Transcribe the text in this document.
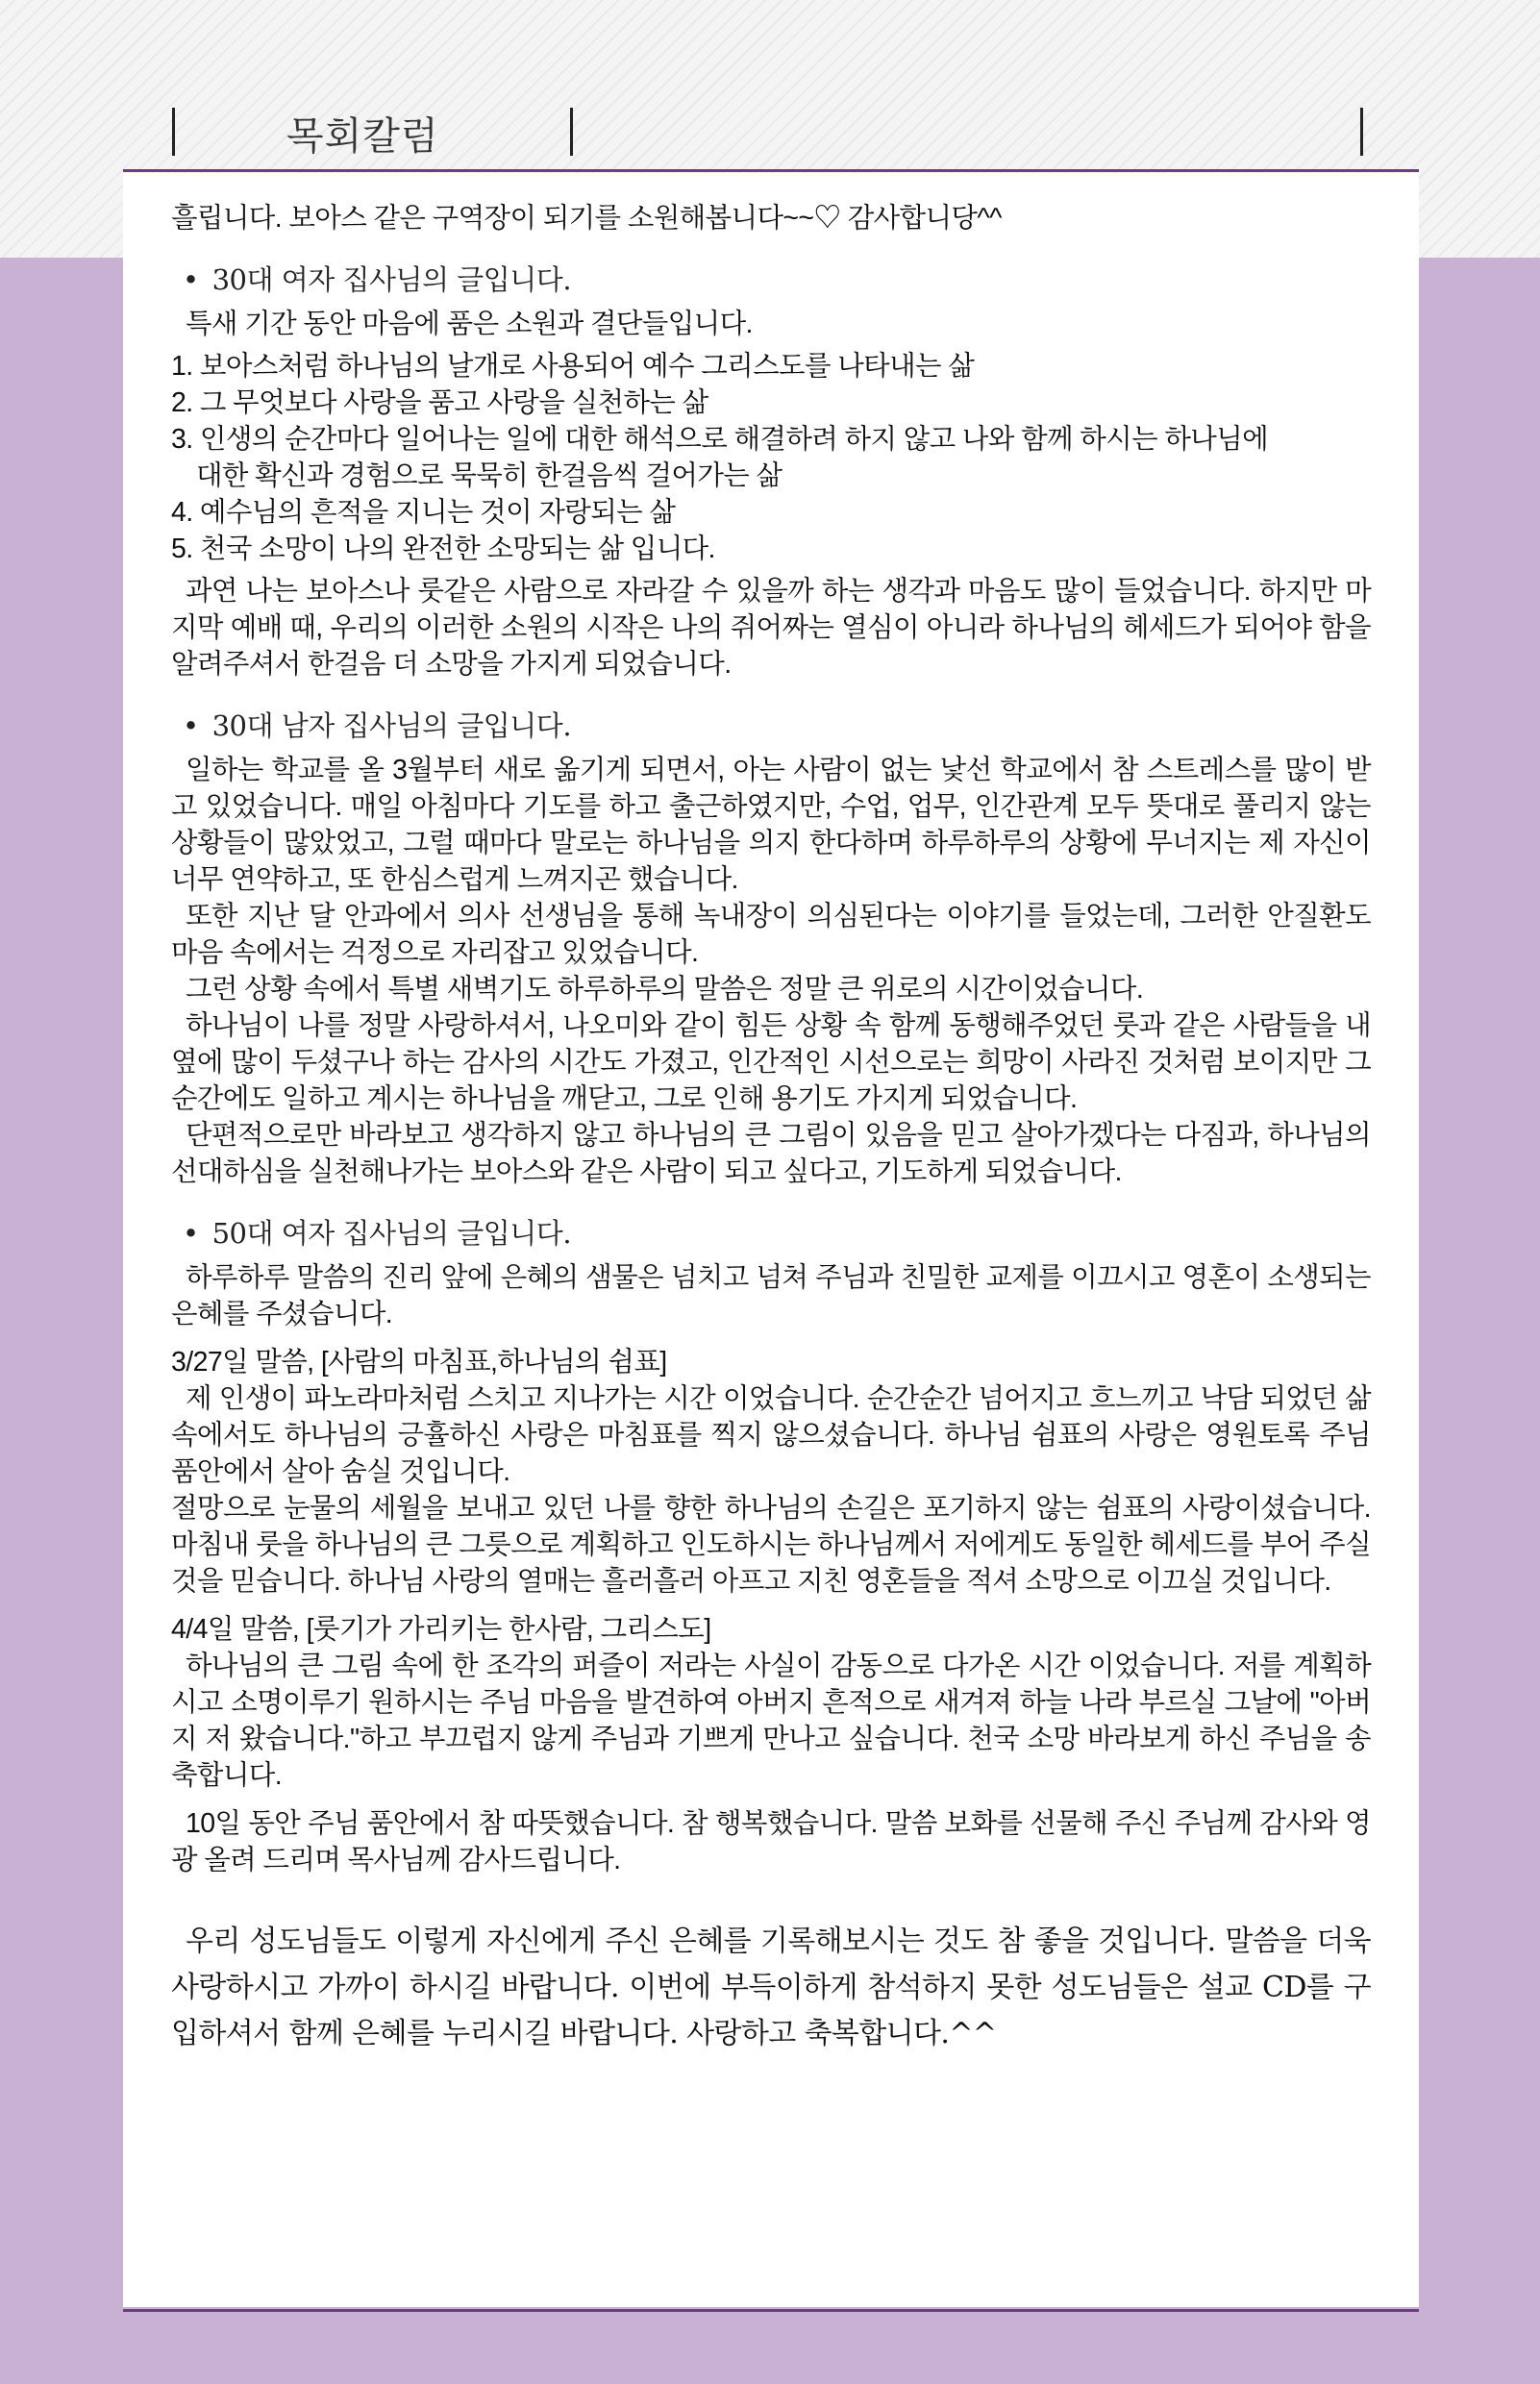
목회칼럼

흘립니다. 보아스 같은 구역장이 되기를 소원해봅니다~~♡ 감사합니당^^

• 30대 여자 집사님의 글입니다.

특새 기간 동안 마음에 품은 소원과 결단들입니다.

1. 보아스처럼 하나님의 날개로 사용되어 예수 그리스도를 나타내는 삶
2. 그 무엇보다 사랑을 품고 사랑을 실천하는 삶
3. 인생의 순간마다 일어나는 일에 대한 해석으로 해결하려 하지 않고 나와 함께 하시는 하나님에
대한 확신과 경험으로 묵묵히 한걸음씩 걸어가는 삶
4. 예수님의 흔적을 지니는 것이 자랑되는 삶
5. 천국 소망이 나의 완전한 소망되는 삶 입니다.

과연 나는 보아스나 룻같은 사람으로 자라갈 수 있을까 하는 생각과 마음도 많이 들었습니다. 하지만 마지막 예배 때, 우리의 이러한 소원의 시작은 나의 쥐어짜는 열심이 아니라 하나님의 헤세드가 되어야 함을 알려주셔서 한걸음 더 소망을 가지게 되었습니다.

• 30대 남자 집사님의 글입니다.

일하는 학교를 올 3월부터 새로 옮기게 되면서, 아는 사람이 없는 낯선 학교에서 참 스트레스를 많이 받고 있었습니다. 매일 아침마다 기도를 하고 출근하였지만, 수업, 업무, 인간관계 모두 뜻대로 풀리지 않는 상황들이 많았었고, 그럴 때마다 말로는 하나님을 의지 한다하며 하루하루의 상황에 무너지는 제 자신이 너무 연약하고, 또 한심스럽게 느껴지곤 했습니다.

또한 지난 달 안과에서 의사 선생님을 통해 녹내장이 의심된다는 이야기를 들었는데, 그러한 안질환도 마음 속에서는 걱정으로 자리잡고 있었습니다.

그런 상황 속에서 특별 새벽기도 하루하루의 말씀은 정말 큰 위로의 시간이었습니다.

하나님이 나를 정말 사랑하셔서, 나오미와 같이 힘든 상황 속 함께 동행해주었던 룻과 같은 사람들을 내 옆에 많이 두셨구나 하는 감사의 시간도 가졌고, 인간적인 시선으로는 희망이 사라진 것처럼 보이지만 그 순간에도 일하고 계시는 하나님을 깨닫고, 그로 인해 용기도 가지게 되었습니다.

단편적으로만 바라보고 생각하지 않고 하나님의 큰 그림이 있음을 믿고 살아가겠다는 다짐과, 하나님의 선대하심을 실천해나가는 보아스와 같은 사람이 되고 싶다고, 기도하게 되었습니다.

• 50대 여자 집사님의 글입니다.

하루하루 말씀의 진리 앞에 은혜의 샘물은 넘치고 넘쳐 주님과 친밀한 교제를 이끄시고 영혼이 소생되는 은혜를 주셨습니다.

3/27일 말씀, [사람의 마침표,하나님의 쉼표]

제 인생이 파노라마처럼 스치고 지나가는 시간 이었습니다. 순간순간 넘어지고 흐느끼고 낙담 되었던 삶속에서도 하나님의 긍휼하신 사랑은 마침표를 찍지 않으셨습니다. 하나님 쉼표의 사랑은 영원토록 주님 품안에서 살아 숨실 것입니다.

절망으로 눈물의 세월을 보내고 있던 나를 향한 하나님의 손길은 포기하지 않는 쉼표의 사랑이셨습니다. 마침내 룻을 하나님의 큰 그릇으로 계획하고 인도하시는 하나님께서 저에게도 동일한 헤세드를 부어 주실 것을 믿습니다. 하나님 사랑의 열매는 흘러흘러 아프고 지친 영혼들을 적셔 소망으로 이끄실 것입니다.

4/4일 말씀, [룻기가 가리키는 한사람, 그리스도]

하나님의 큰 그림 속에 한 조각의 퍼즐이 저라는 사실이 감동으로 다가온 시간 이었습니다. 저를 계획하시고 소명이루기 원하시는 주님 마음을 발견하여 아버지 흔적으로 새겨져 하늘 나라 부르실 그날에 "아버지 저 왔습니다."하고 부끄럽지 않게 주님과 기쁘게 만나고 싶습니다. 천국 소망 바라보게 하신 주님을 송축합니다.

10일 동안 주님 품안에서 참 따뜻했습니다. 참 행복했습니다. 말씀 보화를 선물해 주신 주님께 감사와 영광 올려 드리며 목사님께 감사드립니다.

우리 성도님들도 이렇게 자신에게 주신 은혜를 기록해보시는 것도 참 좋을 것입니다. 말씀을 더욱 사랑하시고 가까이 하시길 바랍니다. 이번에 부득이하게 참석하지 못한 성도님들은 설교 CD를 구입하셔서 함께 은혜를 누리시길 바랍니다. 사랑하고 축복합니다.^^
